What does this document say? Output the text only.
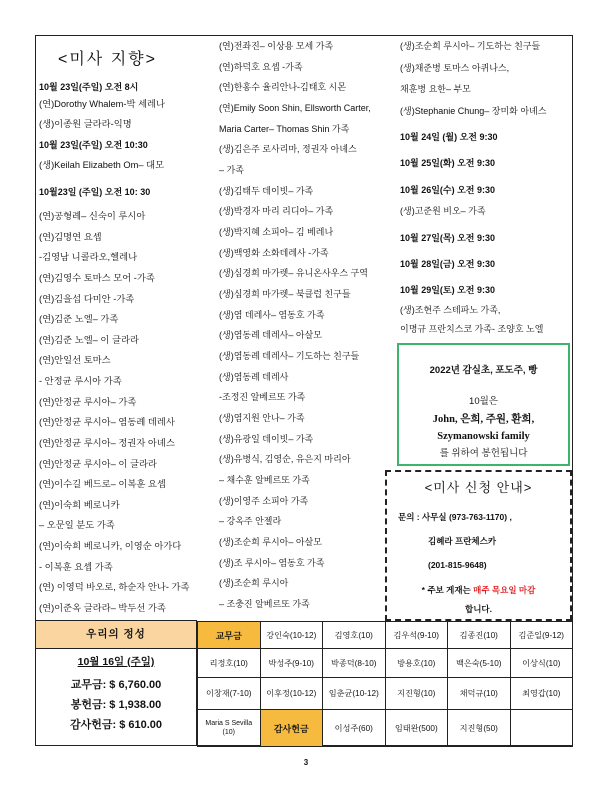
<미사 지향>
10월 23일(주일) 오전 8시
(연)Dorothy Whalem-박 세레나
(생)이종원 글라라-익명
10월 23일(주일) 오전 10:30
(생)Keilah Elizabeth Om– 대모
10월23일 (주일) 오전 10: 30
(연)공형례– 신숙이 루시아
(연)김명연 요셉
-김영남 니콜라오,헬레나
(연)김영수 토마스 모어 -가족
(연)김을섭 다미안 -가족
(연)김준 노엘– 가족
(연)김준 노엘– 이 글라라
(연)안일선 토마스
- 안정균 루시아 가족
(연)안정균 루시아– 가족
(연)안정균 루시아– 염동례 데레사
(연)안정균 루시아– 정권자 아녜스
(연)안정균 루시아– 이 글라라
(연)이수길 베드로– 이복훈 요셉
(연)이숙희 베로니카
– 오문일 분도 가족
(연)이숙희 베로니카, 이영순 아가다
- 이복훈 요셉 가족
(연) 이영덕 바오로, 하순자 안나- 가족
(연)이준옥 글라라– 박두선 가족
(연)전좌진– 이상용 모세 가족
(연)하덕호 요셉 -가족
(연)한홍수 율리안나-김태호 시몬
(연)Emily Soon Shin, Ellsworth Carter,
Maria Carter– Thomas Shin 가족
(생)김은주 로사리마, 정권자 아녜스
– 가족
(생)김태두 데이빗– 가족
(생)박경자 마리 리디아– 가족
(생)박지혜 소피아– 김 베레나
(생)백영화 소화데레사 -가족
(생)심경희 마가렛– 유니온사우스 구역
(생)심경희 마가렛– 북클럽 친구들
(생)염 데레사– 염동호 가족
(생)염동례 데레사– 아살모
(생)염동례 데레사– 기도하는 친구들
(생)염동례 데레사
-조정진 알베르또 가족
(생)염지원 안나– 가족
(생)유광일 데이빗– 가족
(생)유병식, 김영순, 유은지 마리아
– 채수훈 알베르또 가족
(생)이영주 소피아 가족
– 강옥주 안젤라
(생)조순희 루시아– 아살모
(생)조 루시아– 염동호 가족
(생)조순희 루시아
– 조충진 알베르또 가족
(생)조순희 루시아– 기도하는 친구들
(생)채준병 토마스 아퀴나스,
채훈병 요한– 부모
(생)Stephanie Chung– 장미화 아녜스
10월 24일 (월) 오전 9:30
10월 25일(화) 오전 9:30
10월 26일(수) 오전 9:30
(생)고준원 비오– 가족
10월 27일(목) 오전 9:30
10월 28일(금) 오전 9:30
10월 29일(토) 오전 9:30
(생)조현주 스테파노 가족,
이명규 프란치스코 가족- 조양호 노엘
2022년 감실초, 포도주, 빵
10월은
John, 은희, 주원, 환희,
Szymanowski family
를 위하여 봉헌됩니다
<미사 신청 안내>
문의 : 사무실 (973-763-1170) ,
김혜라 프란체스카
(201-815-9648)
* 주보 게재는 매주 목요일 마감
합니다.
우리의 정성
10월 16일 (주일)
교무금: $ 6,760.00
봉헌금: $ 1,938.00
감사헌금: $ 610.00
교무금	강인숙(10-12)	김영호(10)	김우석(9-10)	김종진(10)	김준일(9-12)
리정호(10)	박성주(9-10)	박종덕(8-10)	방용호(10)	백은숙(5-10)	이상식(10)
이창재(7-10)	이후정(10-12)	임춘균(10-12)	지진형(10)	채덕규(10)	최영갑(10)
Maria S Sevilla
(10)	감사헌금	이성주(60)	임태완(500)	지진형(50)	
3
